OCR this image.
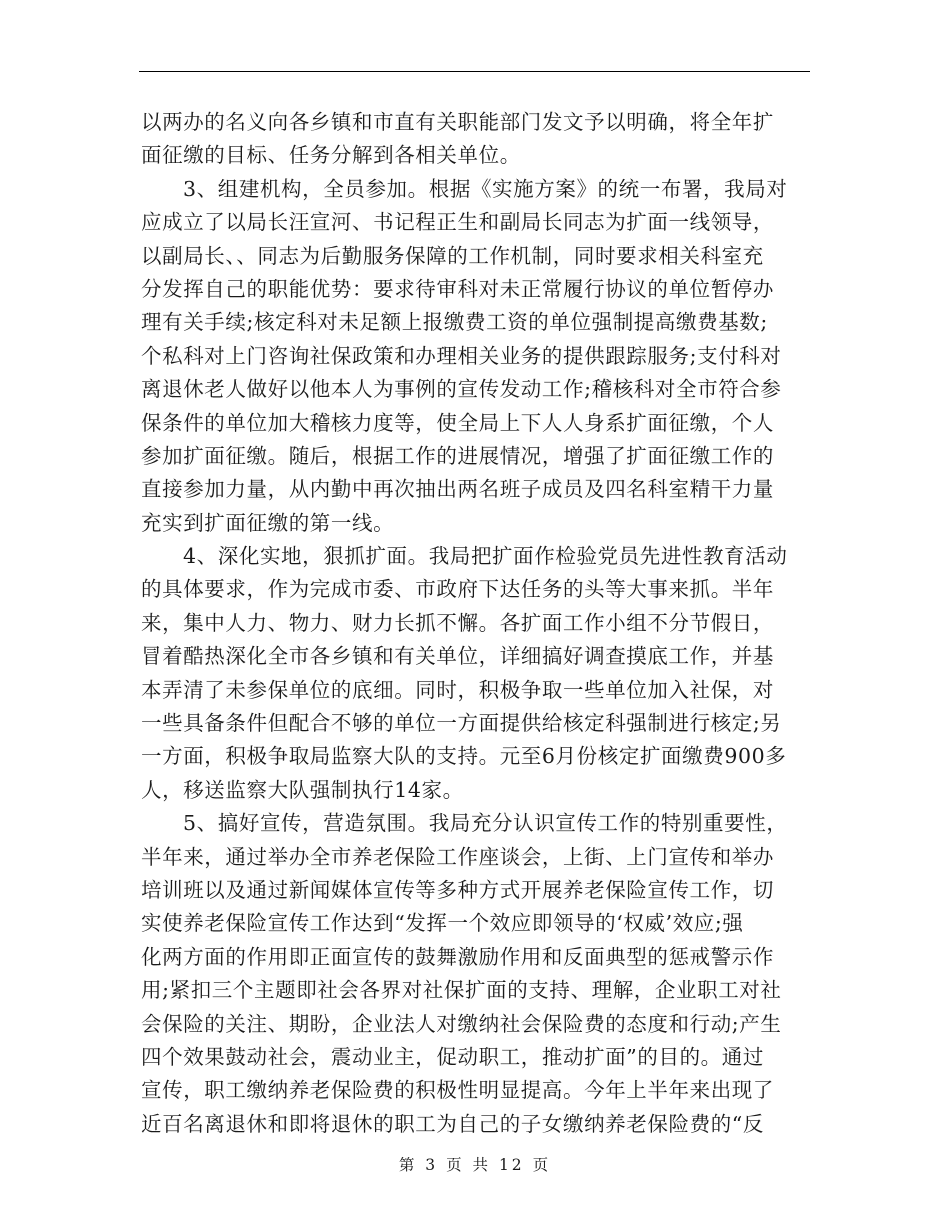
以两办的名义向各乡镇和市直有关职能部门发文予以明确，将全年扩
面征缴的目标、任务分解到各相关单位。
3、组建机构，全员参加。根据《实施方案》的统一布署，我局对
应成立了以局长汪宣河、书记程正生和副局长同志为扩面一线领导，
以副局长、、同志为后勤服务保障的工作机制，同时要求相关科室充
分发挥自己的职能优势：要求待审科对未正常履行协议的单位暂停办
理有关手续;核定科对未足额上报缴费工资的单位强制提高缴费基数;
个私科对上门咨询社保政策和办理相关业务的提供跟踪服务;支付科对
离退休老人做好以他本人为事例的宣传发动工作;稽核科对全市符合参
保条件的单位加大稽核力度等，使全局上下人人身系扩面征缴，个人
参加扩面征缴。随后，根据工作的进展情况，增强了扩面征缴工作的
直接参加力量，从内勤中再次抽出两名班子成员及四名科室精干力量
充实到扩面征缴的第一线。
4、深化实地，狠抓扩面。我局把扩面作检验党员先进性教育活动
的具体要求，作为完成市委、市政府下达任务的头等大事来抓。半年
来，集中人力、物力、财力长抓不懈。各扩面工作小组不分节假日，
冒着酷热深化全市各乡镇和有关单位，详细搞好调查摸底工作，并基
本弄清了未参保单位的底细。同时，积极争取一些单位加入社保，对
一些具备条件但配合不够的单位一方面提供给核定科强制进行核定;另
一方面，积极争取局监察大队的支持。元至6月份核定扩面缴费900多
人，移送监察大队强制执行14家。
5、搞好宣传，营造氛围。我局充分认识宣传工作的特别重要性，
半年来，通过举办全市养老保险工作座谈会，上街、上门宣传和举办
培训班以及通过新闻媒体宣传等多种方式开展养老保险宣传工作，切
实使养老保险宣传工作达到“发挥一个效应即领导的‘权威’效应;强
化两方面的作用即正面宣传的鼓舞激励作用和反面典型的惩戒警示作
用;紧扣三个主题即社会各界对社保扩面的支持、理解，企业职工对社
会保险的关注、期盼，企业法人对缴纳社会保险费的态度和行动;产生
四个效果鼓动社会，震动业主，促动职工，推动扩面”的目的。通过
宣传，职工缴纳养老保险费的积极性明显提高。今年上半年来出现了
近百名离退休和即将退休的职工为自己的子女缴纳养老保险费的“反
第 3 页 共 12 页
